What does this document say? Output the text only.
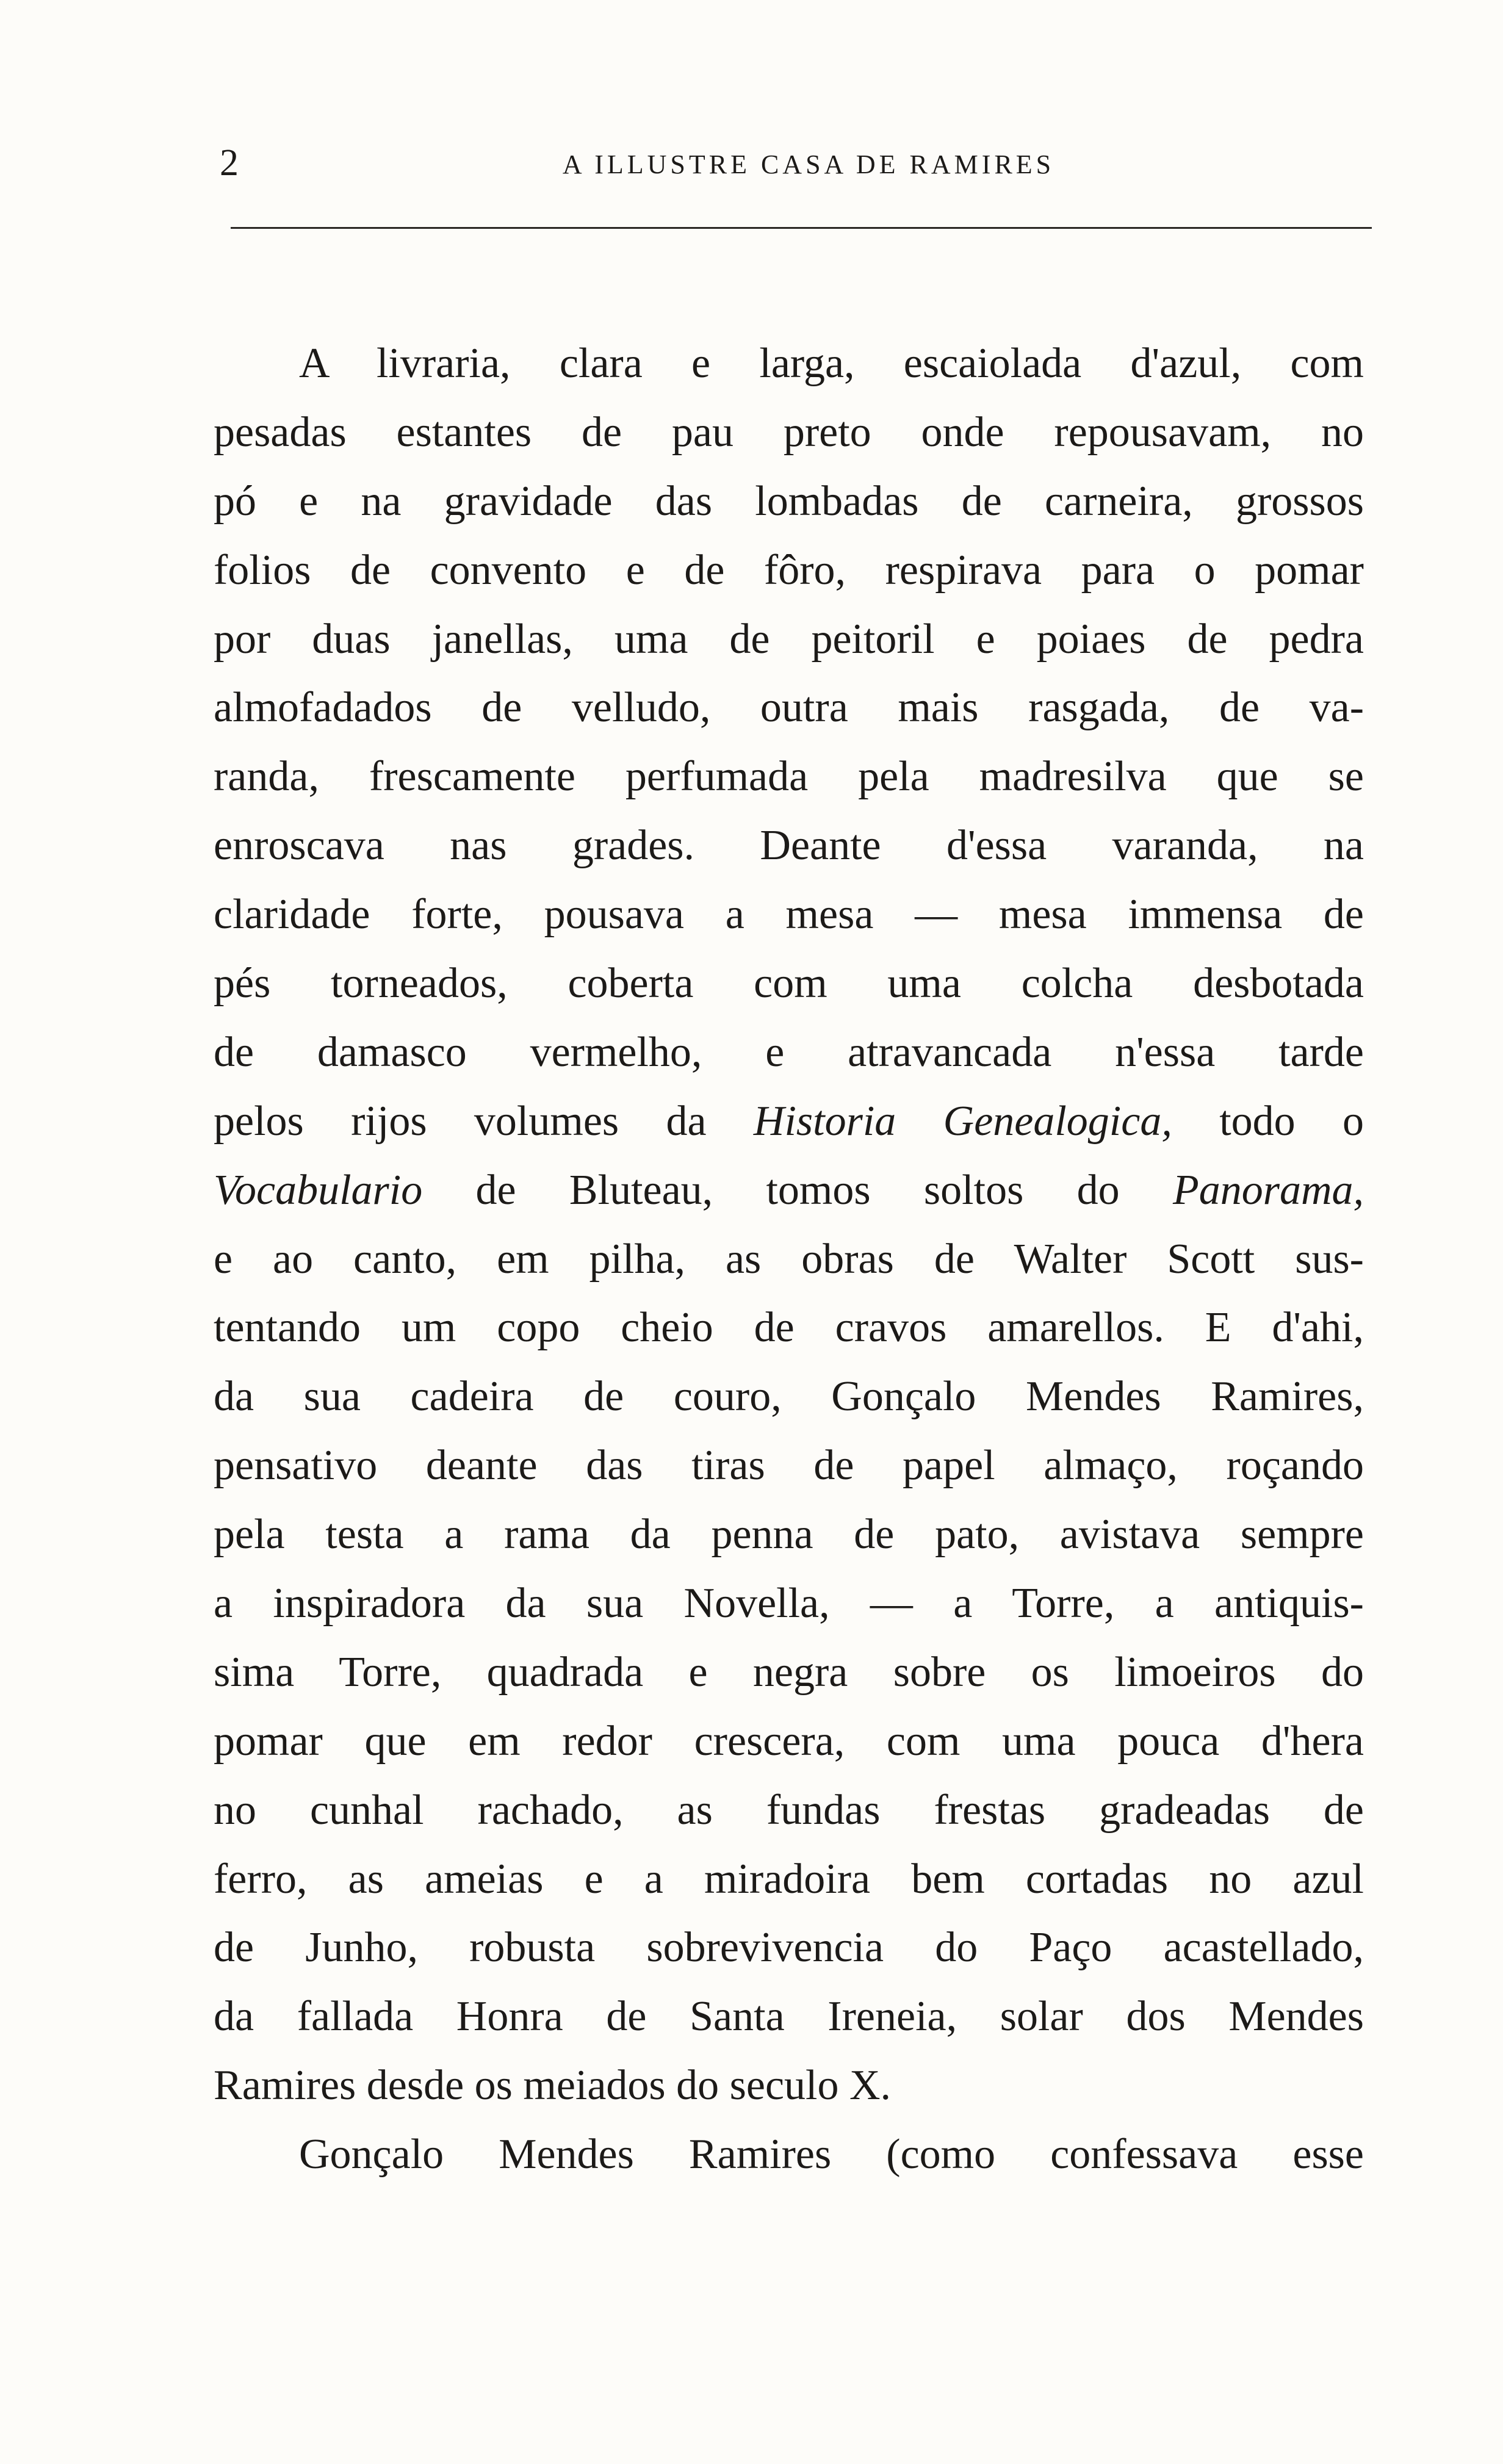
2	A ILLUSTRE CASA DE RAMIRES
A livraria, clara e larga, escaiolada d'azul, com
pesadas estantes de pau preto onde repousavam, no
pó e na gravidade das lombadas de carneira, grossos
folios de convento e de fôro, respirava para o pomar
por duas janellas, uma de peitoril e poiaes de pedra
almofadados de velludo, outra mais rasgada, de va-
randa, frescamente perfumada pela madresilva que se
enroscava nas grades. Deante d'essa varanda, na
claridade forte, pousava a mesa — mesa immensa de
pés torneados, coberta com uma colcha desbotada
de damasco vermelho, e atravancada n'essa tarde
pelos rijos volumes da Historia Genealogica, todo o
Vocabulario de Bluteau, tomos soltos do Panorama,
e ao canto, em pilha, as obras de Walter Scott sus-
tentando um copo cheio de cravos amarellos. E d'ahi,
da sua cadeira de couro, Gonçalo Mendes Ramires,
pensativo deante das tiras de papel almaço, roçando
pela testa a rama da penna de pato, avistava sempre
a inspiradora da sua Novella, — a Torre, a antiquis-
sima Torre, quadrada e negra sobre os limoeiros do
pomar que em redor crescera, com uma pouca d'hera
no cunhal rachado, as fundas frestas gradeadas de
ferro, as ameias e a miradoira bem cortadas no azul
de Junho, robusta sobrevivencia do Paço acastellado,
da fallada Honra de Santa Ireneia, solar dos Mendes
Ramires desde os meiados do seculo X.
Gonçalo Mendes Ramires (como confessava esse
